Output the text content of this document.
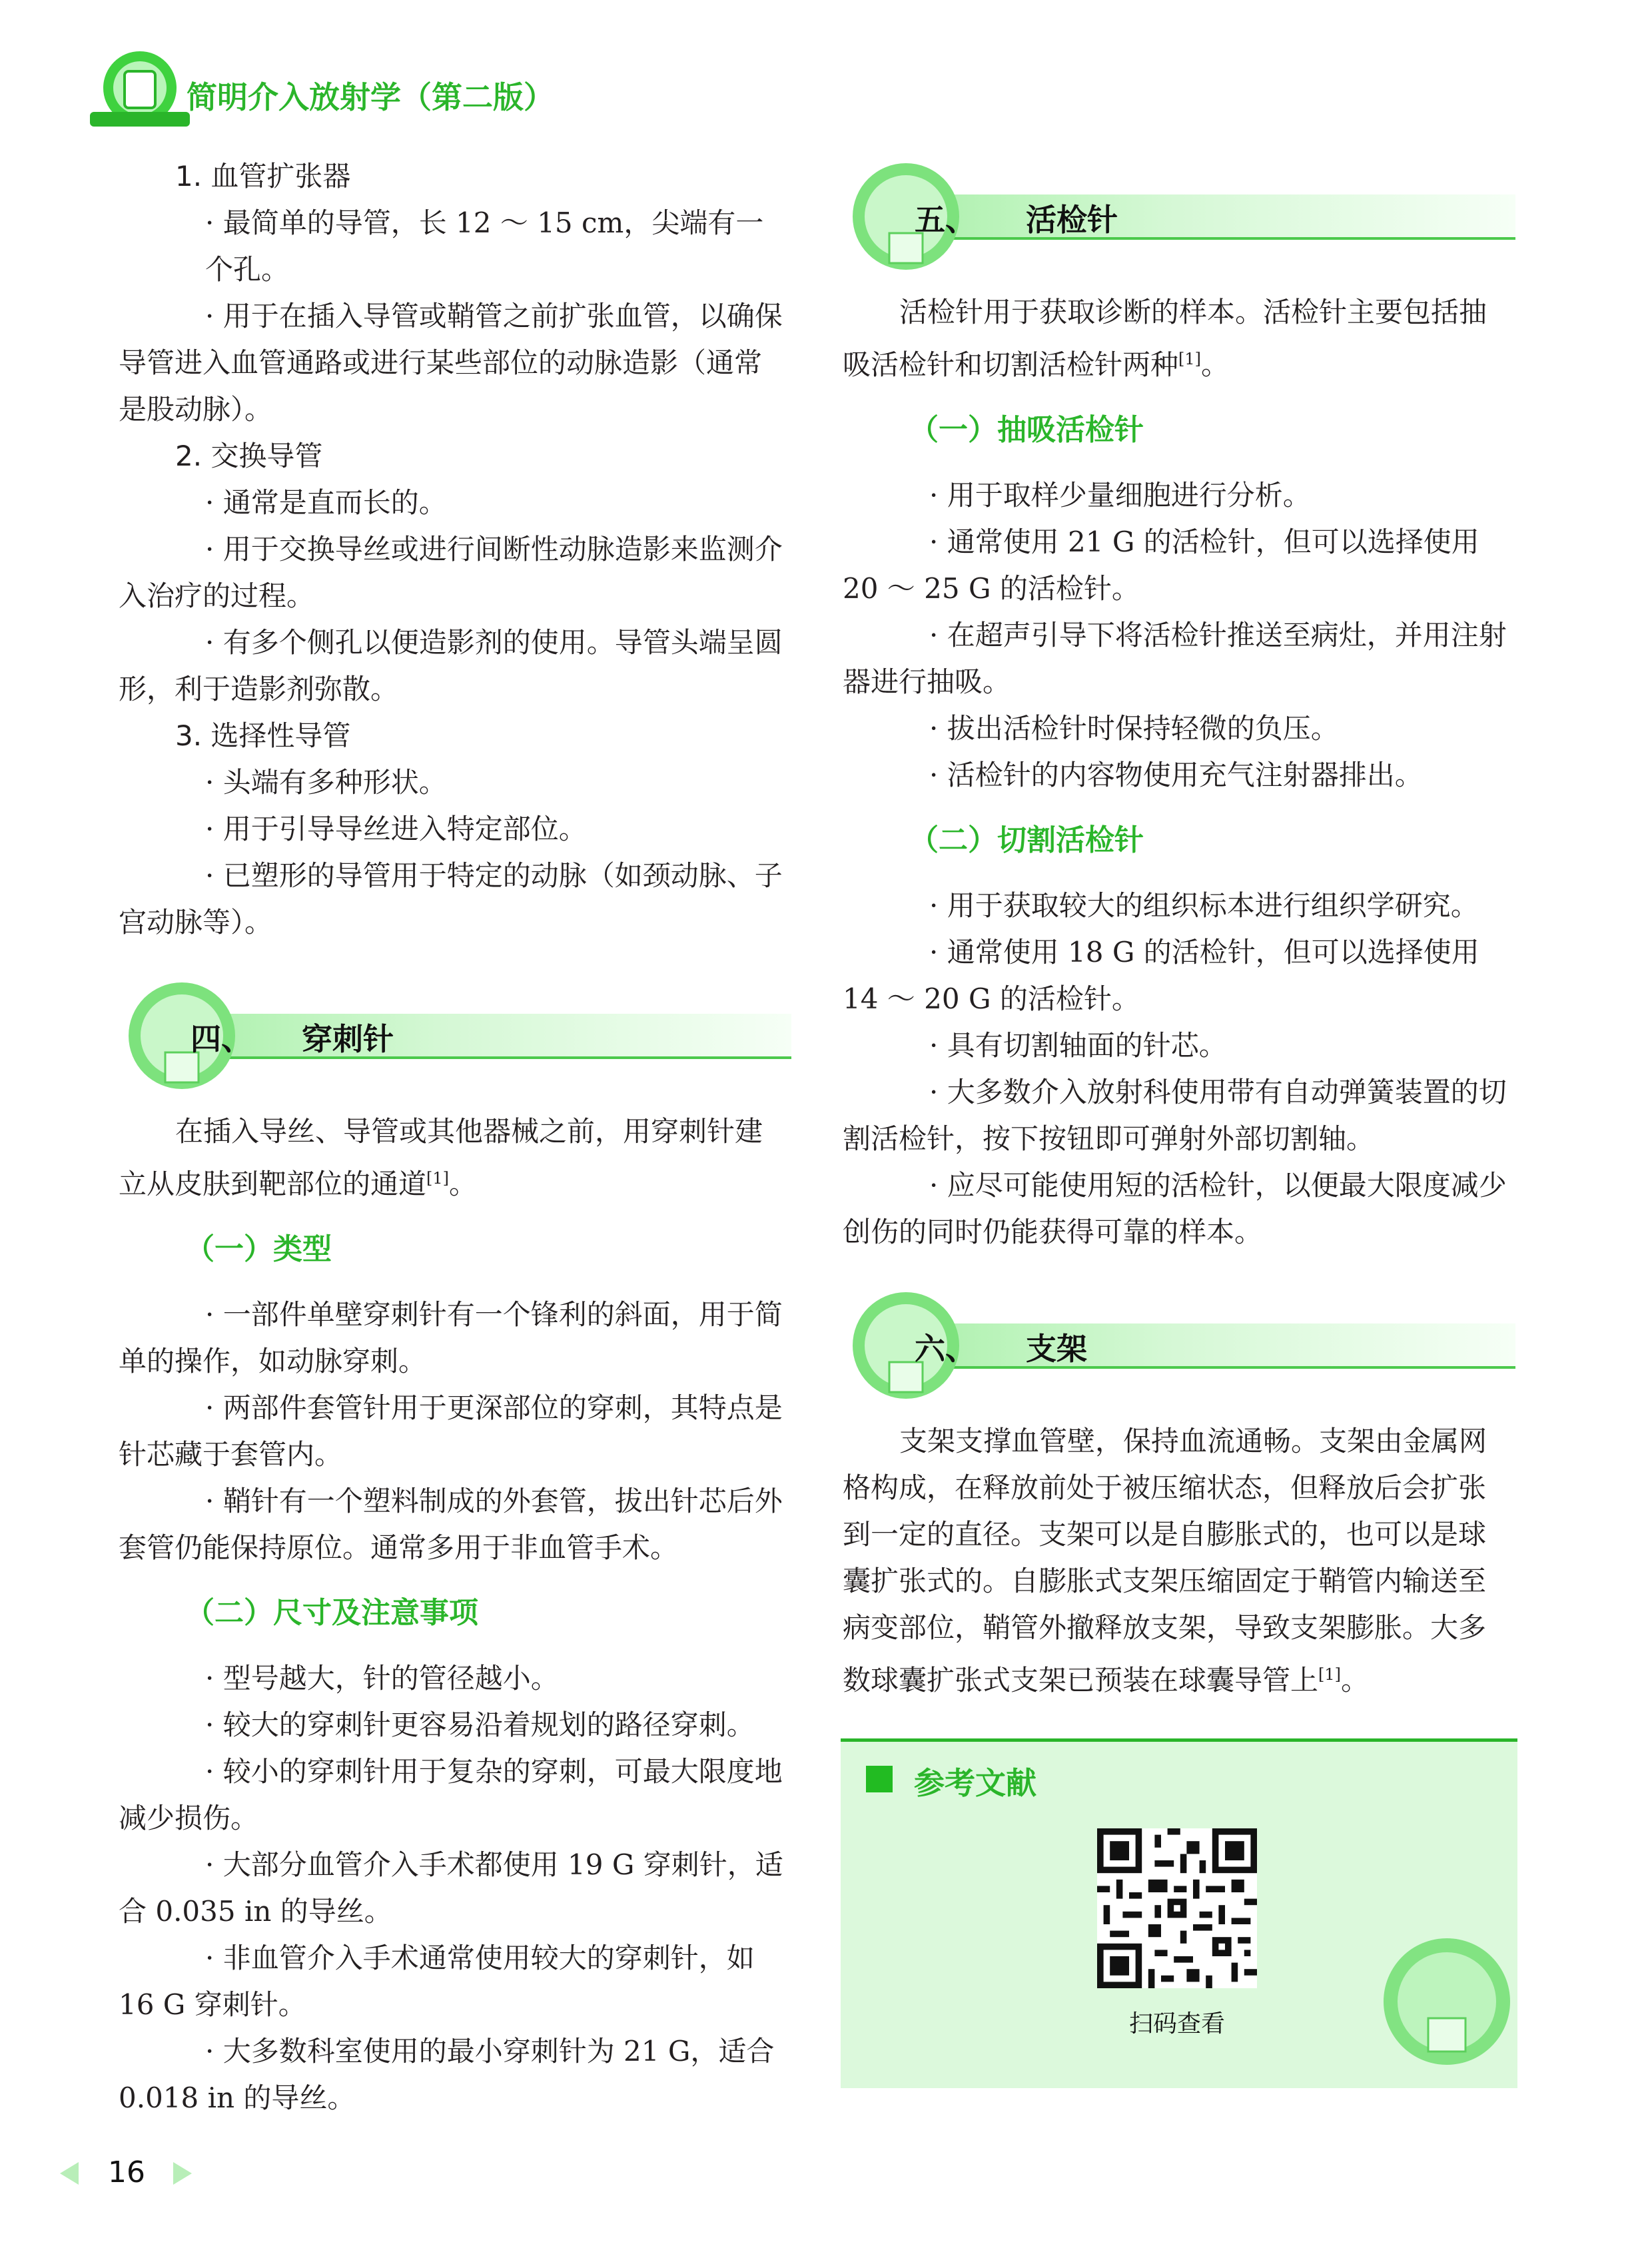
简明介入放射学（第二版）

1. 血管扩张器

· 最简单的导管，长 12 ～ 15 cm，尖端有一个孔。

· 用于在插入导管或鞘管之前扩张血管，以确保

导管进入血管通路或进行某些部位的动脉造影（通常

是股动脉）。

2. 交换导管

· 通常是直而长的。

· 用于交换导丝或进行间断性动脉造影来监测介

入治疗的过程。

· 有多个侧孔以便造影剂的使用。导管头端呈圆

形，利于造影剂弥散。

3. 选择性导管

· 头端有多种形状。

· 用于引导导丝进入特定部位。

· 已塑形的导管用于特定的动脉（如颈动脉、子

宫动脉等）。

四、 穿刺针

在插入导丝、导管或其他器械之前，用穿刺针建

立从皮肤到靶部位的通道[1]。

（一）类型

· 一部件单壁穿刺针有一个锋利的斜面，用于简

单的操作，如动脉穿刺。

· 两部件套管针用于更深部位的穿刺，其特点是

针芯藏于套管内。

· 鞘针有一个塑料制成的外套管，拔出针芯后外

套管仍能保持原位。通常多用于非血管手术。

（二）尺寸及注意事项

· 型号越大，针的管径越小。

· 较大的穿刺针更容易沿着规划的路径穿刺。

· 较小的穿刺针用于复杂的穿刺，可最大限度地

减少损伤。

· 大部分血管介入手术都使用 19 G 穿刺针，适

合 0.035 in 的导丝。

· 非血管介入手术通常使用较大的穿刺针，如

16 G 穿刺针。

· 大多数科室使用的最小穿刺针为 21 G，适合

0.018 in 的导丝。

五、 活检针

活检针用于获取诊断的样本。活检针主要包括抽

吸活检针和切割活检针两种[1]。

（一）抽吸活检针

· 用于取样少量细胞进行分析。

· 通常使用 21 G 的活检针，但可以选择使用

20 ～ 25 G 的活检针。

· 在超声引导下将活检针推送至病灶，并用注射

器进行抽吸。

· 拔出活检针时保持轻微的负压。

· 活检针的内容物使用充气注射器排出。

（二）切割活检针

· 用于获取较大的组织标本进行组织学研究。

· 通常使用 18 G 的活检针，但可以选择使用

14 ～ 20 G 的活检针。

· 具有切割轴面的针芯。

· 大多数介入放射科使用带有自动弹簧装置的切

割活检针，按下按钮即可弹射外部切割轴。

· 应尽可能使用短的活检针，以便最大限度减少

创伤的同时仍能获得可靠的样本。

六、 支架

支架支撑血管壁，保持血流通畅。支架由金属网

格构成，在释放前处于被压缩状态，但释放后会扩张

到一定的直径。支架可以是自膨胀式的，也可以是球

囊扩张式的。自膨胀式支架压缩固定于鞘管内输送至

病变部位，鞘管外撤释放支架，导致支架膨胀。大多

数球囊扩张式支架已预装在球囊导管上[1]。

参考文献
扫码查看
16
